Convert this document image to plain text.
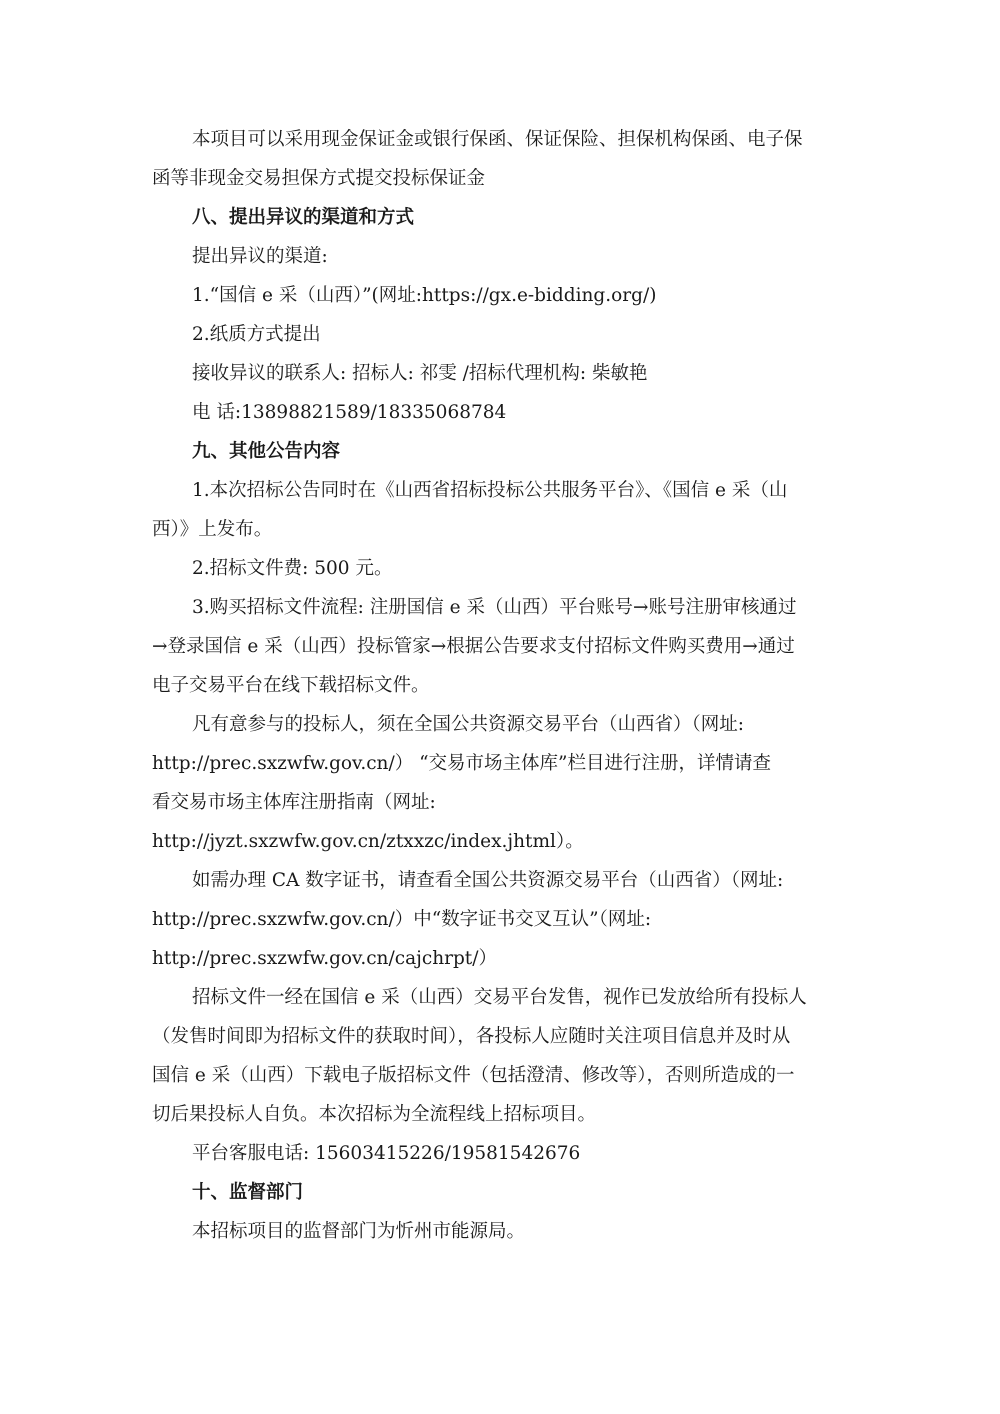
本项目可以采用现金保证金或银行保函、保证保险、担保机构保函、电子保
函等非现金交易担保方式提交投标保证金
八、提出异议的渠道和方式
提出异议的渠道:
1.“国信 e 采（山西）”(网址:https://gx.e-bidding.org/)
2.纸质方式提出
接收异议的联系人: 招标人: 祁雯 /招标代理机构: 柴敏艳
电 话:13898821589/18335068784
九、其他公告内容
1.本次招标公告同时在《山西省招标投标公共服务平台》、《国信 e 采（山
西）》上发布。
2.招标文件费: 500 元。
3.购买招标文件流程: 注册国信 e 采（山西）平台账号→账号注册审核通过
→登录国信 e 采（山西）投标管家→根据公告要求支付招标文件购买费用→通过
电子交易平台在线下载招标文件。
凡有意参与的投标人，须在全国公共资源交易平台（山西省）（网址:
http://prec.sxzwfw.gov.cn/） “交易市场主体库”栏目进行注册，详情请查
看交易市场主体库注册指南（网址:
http://jyzt.sxzwfw.gov.cn/ztxxzc/index.jhtml）。
如需办理 CA 数字证书，请查看全国公共资源交易平台（山西省）（网址:
http://prec.sxzwfw.gov.cn/）中“数字证书交叉互认”（网址:
http://prec.sxzwfw.gov.cn/cajchrpt/）
招标文件一经在国信 e 采（山西）交易平台发售，视作已发放给所有投标人
（发售时间即为招标文件的获取时间），各投标人应随时关注项目信息并及时从
国信 e 采（山西）下载电子版招标文件（包括澄清、修改等），否则所造成的一
切后果投标人自负。本次招标为全流程线上招标项目。
平台客服电话: 15603415226/19581542676
十、监督部门
本招标项目的监督部门为忻州市能源局。
